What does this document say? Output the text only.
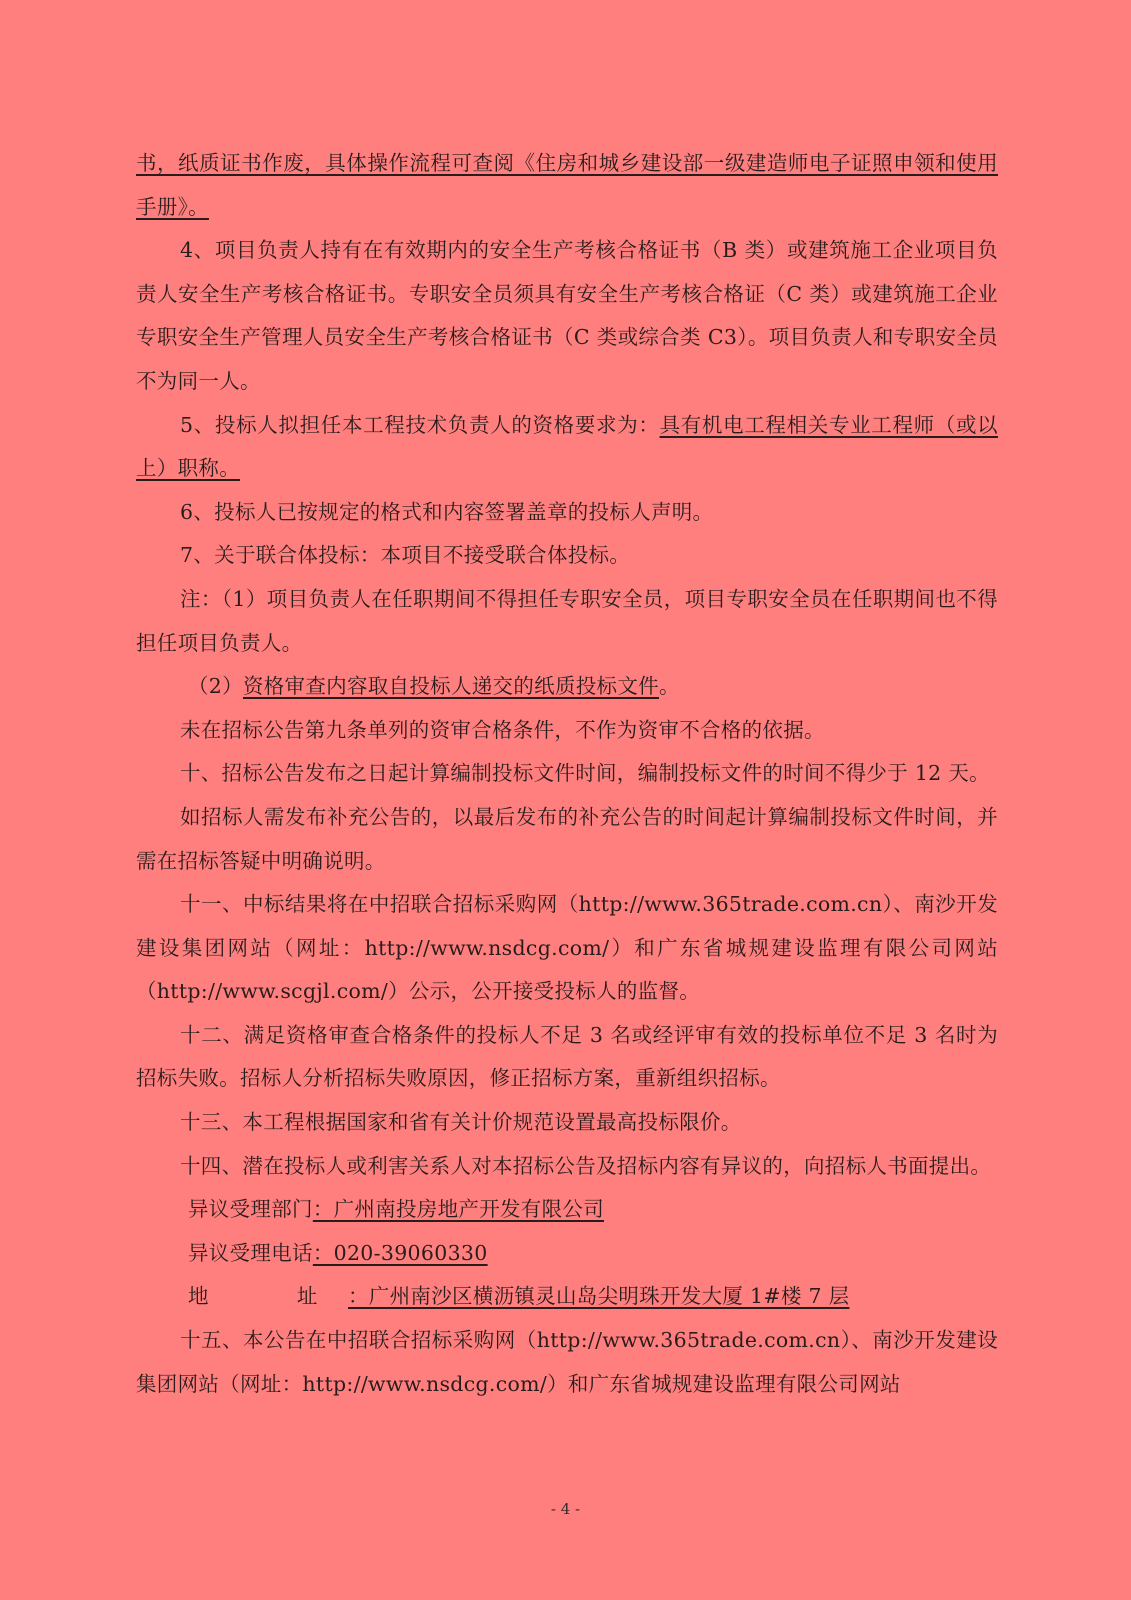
书，纸质证书作废，具体操作流程可查阅《住房和城乡建设部一级建造师电子证照申领和使用手册》。

4、项目负责人持有在有效期内的安全生产考核合格证书（B 类）或建筑施工企业项目负责人安全生产考核合格证书。专职安全员须具有安全生产考核合格证（C 类）或建筑施工企业专职安全生产管理人员安全生产考核合格证书（C 类或综合类 C3）。项目负责人和专职安全员不为同一人。

5、投标人拟担任本工程技术负责人的资格要求为：具有机电工程相关专业工程师（或以上）职称。

6、投标人已按规定的格式和内容签署盖章的投标人声明。

7、关于联合体投标：本项目不接受联合体投标。

注：（1）项目负责人在任职期间不得担任专职安全员，项目专职安全员在任职期间也不得担任项目负责人。

（2）资格审查内容取自投标人递交的纸质投标文件。

未在招标公告第九条单列的资审合格条件，不作为资审不合格的依据。

十、招标公告发布之日起计算编制投标文件时间，编制投标文件的时间不得少于 12 天。

如招标人需发布补充公告的，以最后发布的补充公告的时间起计算编制投标文件时间，并需在招标答疑中明确说明。

十一、中标结果将在中招联合招标采购网（http://www.365trade.com.cn）、南沙开发建设集团网站（网址：http://www.nsdcg.com/）和广东省城规建设监理有限公司网站（http://www.scgjl.com/）公示，公开接受投标人的监督。

十二、满足资格审查合格条件的投标人不足 3 名或经评审有效的投标单位不足 3 名时为招标失败。招标人分析招标失败原因，修正招标方案，重新组织招标。

十三、本工程根据国家和省有关计价规范设置最高投标限价。

十四、潜在投标人或利害关系人对本招标公告及招标内容有异议的，向招标人书面提出。

异议受理部门：广州南投房地产开发有限公司

异议受理电话：020-39060330

地	址 ：广州南沙区横沥镇灵山岛尖明珠开发大厦 1#楼 7 层

十五、本公告在中招联合招标采购网（http://www.365trade.com.cn）、南沙开发建设集团网站（网址：http://www.nsdcg.com/）和广东省城规建设监理有限公司网站

- 4 -
